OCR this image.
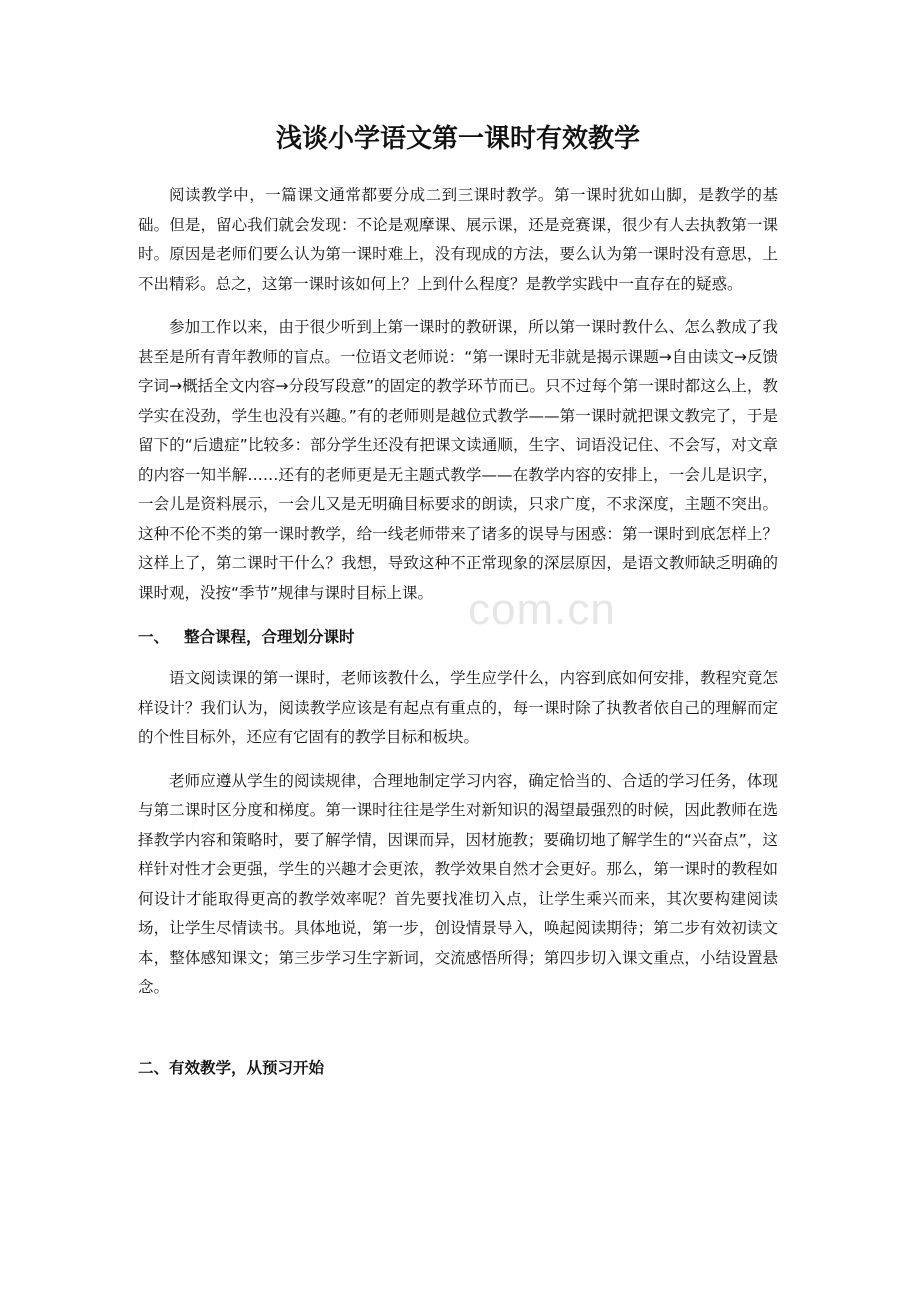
com.cn
浅谈小学语文第一课时有效教学

阅读教学中，一篇课文通常都要分成二到三课时教学。第一课时犹如山脚，是教学的基础。但是，留心我们就会发现：不论是观摩课、展示课，还是竞赛课，很少有人去执教第一课时。原因是老师们要么认为第一课时难上，没有现成的方法，要么认为第一课时没有意思，上不出精彩。总之，这第一课时该如何上？上到什么程度？是教学实践中一直存在的疑惑。

参加工作以来，由于很少听到上第一课时的教研课，所以第一课时教什么、怎么教成了我甚至是所有青年教师的盲点。一位语文老师说：“第一课时无非就是揭示课题→自由读文→反馈字词→概括全文内容→分段写段意”的固定的教学环节而已。只不过每个第一课时都这么上，教学实在没劲，学生也没有兴趣。”有的老师则是越位式教学——第一课时就把课文教完了，于是留下的“后遗症”比较多：部分学生还没有把课文读通顺，生字、词语没记住、不会写，对文章的内容一知半解……还有的老师更是无主题式教学——在教学内容的安排上，一会儿是识字，一会儿是资料展示，一会儿又是无明确目标要求的朗读，只求广度，不求深度，主题不突出。这种不伦不类的第一课时教学，给一线老师带来了诸多的误导与困惑：第一课时到底怎样上？这样上了，第二课时干什么？我想，导致这种不正常现象的深层原因，是语文教师缺乏明确的课时观，没按“季节”规律与课时目标上课。

一、 整合课程，合理划分课时

语文阅读课的第一课时，老师该教什么，学生应学什么，内容到底如何安排，教程究竟怎样设计？我们认为，阅读教学应该是有起点有重点的，每一课时除了执教者依自己的理解而定的个性目标外，还应有它固有的教学目标和板块。

老师应遵从学生的阅读规律，合理地制定学习内容，确定恰当的、合适的学习任务，体现与第二课时区分度和梯度。第一课时往往是学生对新知识的渴望最强烈的时候，因此教师在选择教学内容和策略时，要了解学情，因课而异，因材施教；要确切地了解学生的“兴奋点”，这样针对性才会更强，学生的兴趣才会更浓，教学效果自然才会更好。那么，第一课时的教程如何设计才能取得更高的教学效率呢？首先要找准切入点，让学生乘兴而来，其次要构建阅读场，让学生尽情读书。具体地说，第一步，创设情景导入，唤起阅读期待；第二步有效初读文本，整体感知课文；第三步学习生字新词，交流感悟所得；第四步切入课文重点，小结设置悬念。

二、有效教学，从预习开始
